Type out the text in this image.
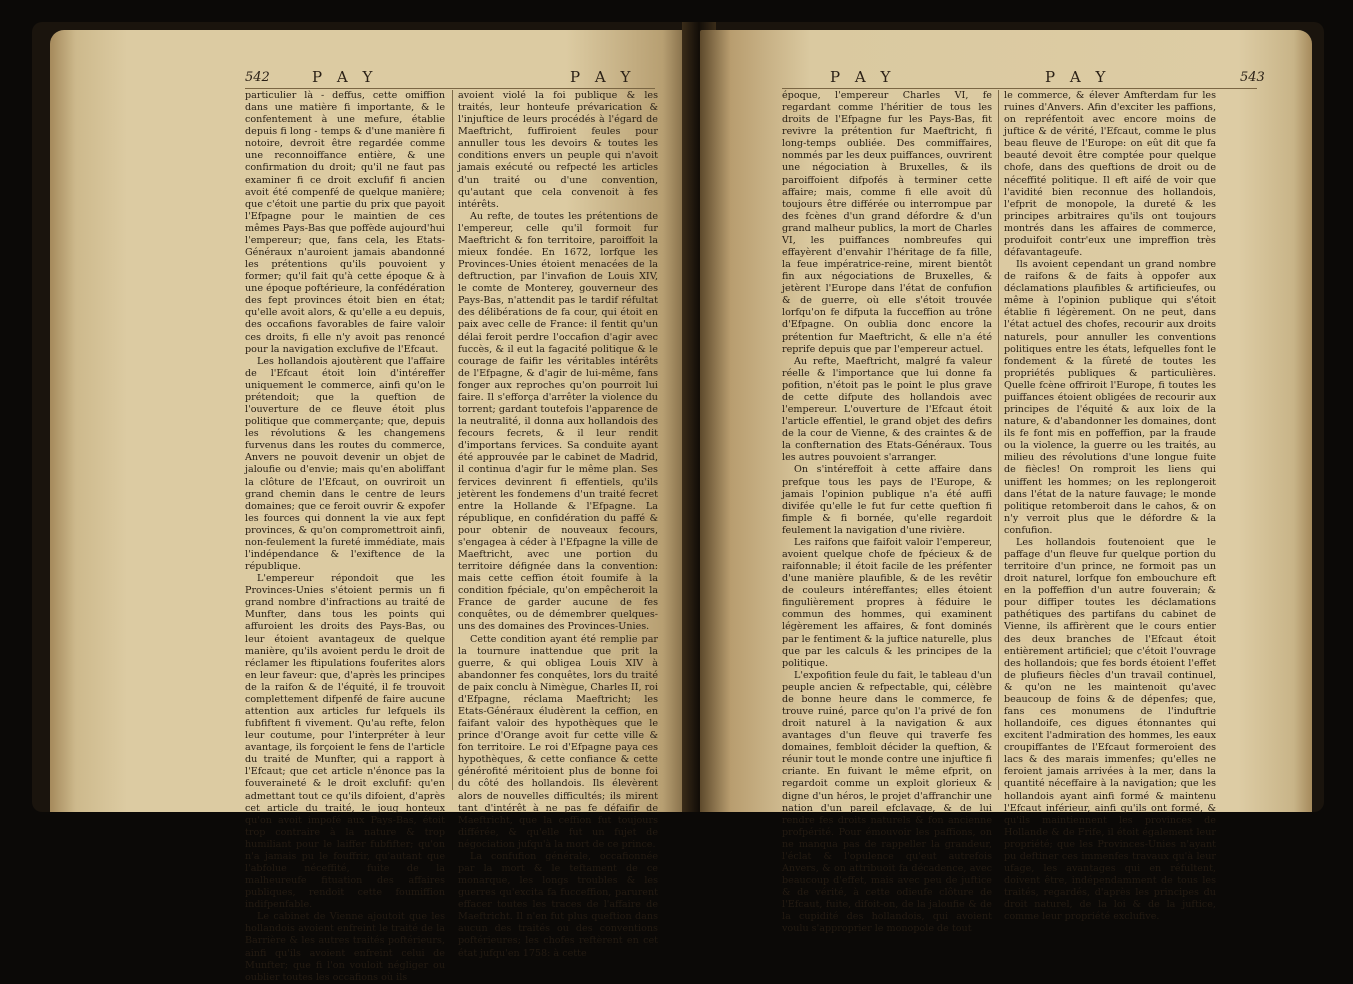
542	P A Y	P A Y

particulier là - deffus, cette omiffion dans une matière fi importante, & le confentement à une mefure, établie depuis fi long - temps & d'une manière fi notoire, devroit être regardée comme une reconnoiffance entière, & une confirmation du droit; qu'il ne faut pas examiner fi ce droit exclufif fi ancien avoit été compenfé de quelque manière; que c'étoit une partie du prix que payoit l'Efpagne pour le maintien de ces mêmes Pays-Bas que poffède aujourd'hui l'empereur; que, fans cela, les Etats-Généraux n'auroient jamais abandonné les prétentions qu'ils pouvoient y former; qu'il fait qu'à cette époque & à une époque poftérieure, la confédération des fept provinces étoit bien en état; qu'elle avoit alors, & qu'elle a eu depuis, des occafions favorables de faire valoir ces droits, fi elle n'y avoit pas renoncé pour la navigation exclufive de l'Efcaut.

Les hollandois ajoutèrent que l'affaire de l'Efcaut étoit loin d'intéreffer uniquement le commerce, ainfi qu'on le prétendoit; que la queftion de l'ouverture de ce fleuve étoit plus politique que commerçante; que, depuis les révolutions & les changemens furvenus dans les routes du commerce, Anvers ne pouvoit devenir un objet de jaloufie ou d'envie; mais qu'en aboliffant la clôture de l'Efcaut, on ouvriroit un grand chemin dans le centre de leurs domaines; que ce feroit ouvrir & expofer les fources qui donnent la vie aux fept provinces, & qu'on compromettroit ainfi, non-feulement la fureté immédiate, mais l'indépendance & l'exiftence de la république.

L'empereur répondoit que les Provinces-Unies s'étoient permis un fi grand nombre d'infractions au traité de Munfter, dans tous les points qui affuroient les droits des Pays-Bas, ou leur étoient avantageux de quelque manière, qu'ils avoient perdu le droit de réclamer les ftipulations fouferites alors en leur faveur: que, d'après les principes de la raifon & de l'équité, il fe trouvoit complettement difpenfé de faire aucune attention aux articles fur lefquels ils fubfiftent fi vivement. Qu'au refte, felon leur coutume, pour l'interpréter à leur avantage, ils forçoient le fens de l'article du traité de Munfter, qui a rapport à l'Efcaut; que cet article n'énonce pas la fouveraineté & le droit exclufif: qu'en admettant tout ce qu'ils difoient, d'après cet article du traité, le joug honteux qu'on avoit impofé aux Pays-Bas, étoit trop contraire à la nature & trop humiliant pour le laiffer fubfifter; qu'on n'a jamais pu le fouffrir, qu'autant que l'abfolue néceffité, fuite de la malheureufe fituation des affaires publiques, rendoit cette foumiffion indifpenfable.

Le cabinet de Vienne ajoutoit que les hollandois avoient enfreint le traité de la Barrière & les autres traités poftérieurs, ainfi qu'ils avoient enfreint celui de Munfter; que fi l'on vouloit négliger ou oublier toutes les occafions où ils

avoient violé la foi publique & les traités, leur honteufe prévarication & l'injuftice de leurs procédés à l'égard de Maeftricht, fuffiroient feules pour annuller tous les devoirs & toutes les conditions envers un peuple qui n'avoit jamais exécuté ou refpecté les articles d'un traité ou d'une convention, qu'autant que cela convenoit à fes intérêts.

Au refte, de toutes les prétentions de l'empereur, celle qu'il formoit fur Maeftricht & fon territoire, paroiffoit la mieux fondée. En 1672, lorfque les Provinces-Unies étoient menacées de la deftruction, par l'invafion de Louis XIV, le comte de Monterey, gouverneur des Pays-Bas, n'attendit pas le tardif réfultat des délibérations de fa cour, qui étoit en paix avec celle de France: il fentit qu'un délai feroit perdre l'occafion d'agir avec fuccès, & il eut la fagacité politique & le courage de faifir les véritables intérêts de l'Efpagne, & d'agir de lui-même, fans fonger aux reproches qu'on pourroit lui faire. Il s'efforça d'arrêter la violence du torrent; gardant toutefois l'apparence de la neutralité, il donna aux hollandois des fecours fecrets, & il leur rendit d'importans fervices. Sa conduite ayant été approuvée par le cabinet de Madrid, il continua d'agir fur le même plan. Ses fervices devinrent fi effentiels, qu'ils jetèrent les fondemens d'un traité fecret entre la Hollande & l'Efpagne. La république, en confidération du paffé & pour obtenir de nouveaux fecours, s'engagea à céder à l'Efpagne la ville de Maeftricht, avec une portion du territoire défignée dans la convention: mais cette ceffion étoit foumife à la condition fpéciale, qu'on empêcheroit la France de garder aucune de fes conquêtes, ou de démembrer quelques-uns des domaines des Provinces-Unies.

Cette condition ayant été remplie par la tournure inattendue que prit la guerre, & qui obligea Louis XIV à abandonner fes conquêtes, lors du traité de paix conclu à Nimègue, Charles II, roi d'Efpagne, réclama Maeftricht; les Etats-Généraux éludèrent la ceffion, en faifant valoir des hypothèques que le prince d'Orange avoit fur cette ville & fon territoire. Le roi d'Efpagne paya ces hypothèques, & cette confiance & cette générofité méritoient plus de bonne foi du côté des hollandois. Ils élevèrent alors de nouvelles difficultés; ils mirent tant d'intérêt à ne pas fe défaifir de Maeftricht, que la ceffion fut toujours différée, & qu'elle fut un fujet de négociation jufqu'à la mort de ce prince.

La confufion générale, occafionnée par la mort & le teftament de ce monarque, les longs troubles & les guerres qu'excita fa fucceffion, parurent effacer toutes les traces de l'affaire de Maeftricht. Il n'en fut plus queftion dans aucun des traités ou des conventions poftérieures; les chofes reftèrent en cet état jufqu'en 1758: à cette

P A Y	P A Y	543

époque, l'empereur Charles VI, fe regardant comme l'héritier de tous les droits de l'Efpagne fur les Pays-Bas, fit revivre la prétention fur Maeftricht, fi long-temps oubliée. Des commiffaires, nommés par les deux puiffances, ouvrirent une négociation à Bruxelles, & ils paroiffoient difpofés à terminer cette affaire; mais, comme fi elle avoit dû toujours être différée ou interrompue par des fcènes d'un grand défordre & d'un grand malheur publics, la mort de Charles VI, les puiffances nombreufes qui effayèrent d'envahir l'héritage de fa fille, la feue impératrice-reine, mirent bientôt fin aux négociations de Bruxelles, & jetèrent l'Europe dans l'état de confufion & de guerre, où elle s'étoit trouvée lorfqu'on fe difputa la fucceffion au trône d'Efpagne. On oublia donc encore la prétention fur Maeftricht, & elle n'a été reprife depuis que par l'empereur actuel.

Au refte, Maeftricht, malgré fa valeur réelle & l'importance que lui donne fa pofition, n'étoit pas le point le plus grave de cette difpute des hollandois avec l'empereur. L'ouverture de l'Efcaut étoit l'article effentiel, le grand objet des defirs de la cour de Vienne, & des craintes & de la confternation des Etats-Généraux. Tous les autres pouvoient s'arranger.

On s'intéreffoit à cette affaire dans prefque tous les pays de l'Europe, & jamais l'opinion publique n'a été auffi divifée qu'elle le fut fur cette queftion fi fimple & fi bornée, qu'elle regardoit feulement la navigation d'une rivière.

Les raifons que faifoit valoir l'empereur, avoient quelque chofe de fpécieux & de raifonnable; il étoit facile de les préfenter d'une manière plaufible, & de les revêtir de couleurs intéreffantes; elles étoient fingulièrement propres à féduire le commun des hommes, qui examinent légèrement les affaires, & font dominés par le fentiment & la juftice naturelle, plus que par les calculs & les principes de la politique.

L'expofition feule du fait, le tableau d'un peuple ancien & refpectable, qui, célèbre de bonne heure dans le commerce, fe trouve ruiné, parce qu'on l'a privé de fon droit naturel à la navigation & aux avantages d'un fleuve qui traverfe fes domaines, fembloit décider la queftion, & réunir tout le monde contre une injuftice fi criante. En fuivant le même efprit, on regardoit comme un exploit glorieux & digne d'un héros, le projet d'affranchir une nation d'un pareil efclavage, & de lui rendre fes droits naturels & fon ancienne profpérité. Pour émouvoir les paffions, on ne manqua pas de rappeller la grandeur, l'éclat & l'opulence qu'eut autrefois Anvers, & on attribuoit fa décadence, avec beaucoup d'effet, mais avec peu de juftice & de vérité, à cette odieufe clôture de l'Efcaut, fuite, difoit-on, de la jaloufie & de la cupidité des hollandois, qui avoient voulu s'approprier le monopole de tout

le commerce, & élever Amfterdam fur les ruines d'Anvers. Afin d'exciter les paffions, on repréfentoit avec encore moins de juftice & de vérité, l'Efcaut, comme le plus beau fleuve de l'Europe: on eût dit que fa beauté devoit être comptée pour quelque chofe, dans des queftions de droit ou de néceffité politique. Il eft aifé de voir que l'avidité bien reconnue des hollandois, l'efprit de monopole, la dureté & les principes arbitraires qu'ils ont toujours montrés dans les affaires de commerce, produifoit contr'eux une impreffion très défavantageufe.

Ils avoient cependant un grand nombre de raifons & de faits à oppofer aux déclamations plaufibles & artificieufes, ou même à l'opinion publique qui s'étoit établie fi légèrement. On ne peut, dans l'état actuel des chofes, recourir aux droits naturels, pour annuller les conventions politiques entre les états, lefquelles font le fondement & la fûreté de toutes les propriétés publiques & particulières. Quelle fcène offriroit l'Europe, fi toutes les puiffances étoient obligées de recourir aux principes de l'équité & aux loix de la nature, & d'abandonner les domaines, dont ils fe font mis en poffeffion, par la fraude ou la violence, la guerre ou les traités, au milieu des révolutions d'une longue fuite de fiècles! On romproit les liens qui uniffent les hommes; on les replongeroit dans l'état de la nature fauvage; le monde politique retomberoit dans le cahos, & on n'y verroit plus que le défordre & la confufion.

Les hollandois foutenoient que le paffage d'un fleuve fur quelque portion du territoire d'un prince, ne formoit pas un droit naturel, lorfque fon embouchure eft en la poffeffion d'un autre fouverain; & pour diffiper toutes les déclamations pathétiques des partifans du cabinet de Vienne, ils affirèrent que le cours entier des deux branches de l'Efcaut étoit entièrement artificiel; que c'étoit l'ouvrage des hollandois; que fes bords étoient l'effet de plufieurs fiècles d'un travail continuel, & qu'on ne les maintenoit qu'avec beaucoup de foins & de dépenfes; que, fans ces monumens de l'induftrie hollandoife, ces digues étonnantes qui excitent l'admiration des hommes, les eaux croupiffantes de l'Efcaut formeroient des lacs & des marais immenfes; qu'elles ne feroient jamais arrivées à la mer, dans la quantité néceffaire à la navigation; que les hollandois ayant ainfi formé & maintenu l'Efcaut inférieur, ainfi qu'ils ont formé, & qu'ils maintiennent les provinces de Hollande & de Frife, il étoit également leur propriété; que les Provinces-Unies n'ayant pu deftiner ces immenfes travaux qu'à leur ufage, les avantages qui en réfultent, doivent être, indépendamment de tous les traités, regardés, d'après les principes du droit naturel, de la loi & de la juftice, comme leur propriété exclufive.
